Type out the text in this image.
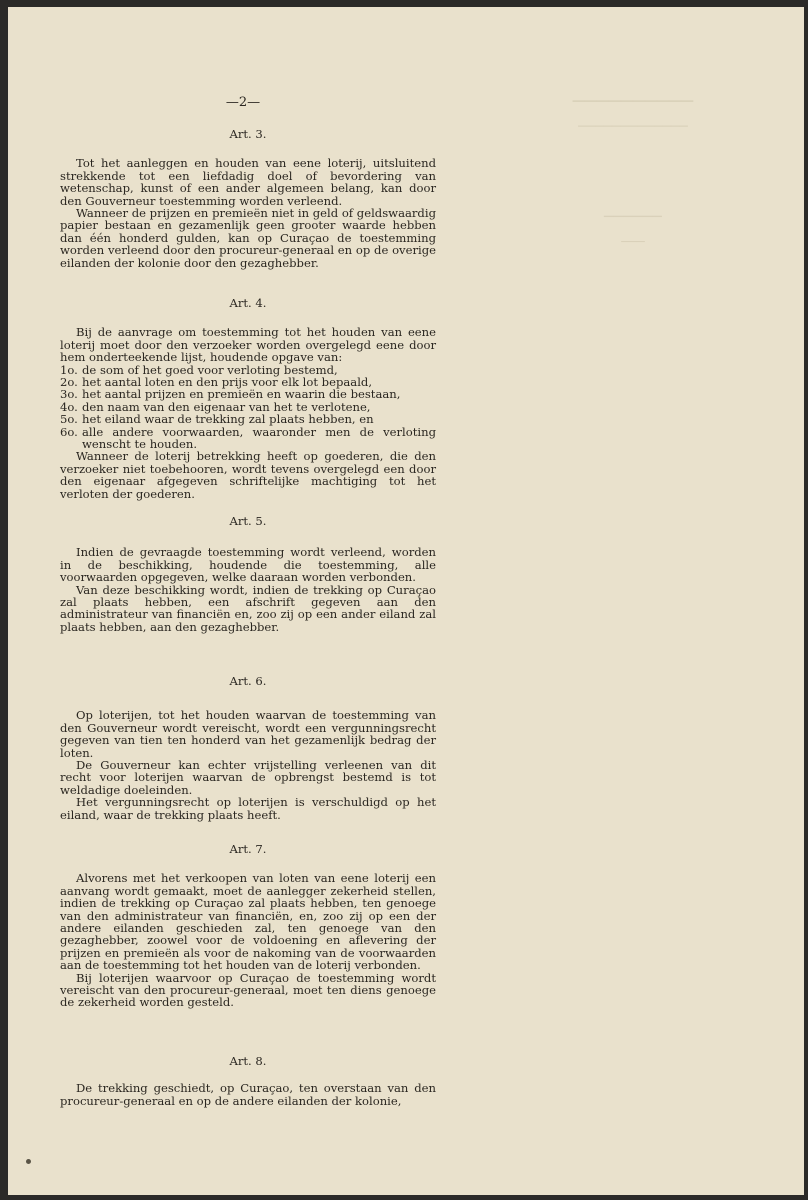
──────────
─────────────
──────
───
—2—

Art. 3.

Tot het aanleggen en houden van eene loterij, uitsluitend strekkende tot een liefdadig doel of bevordering van wetenschap, kunst of een ander algemeen belang, kan door den Gouverneur toestemming worden verleend.

Wanneer de prijzen en premieën niet in geld of geldswaardig papier bestaan en gezamenlijk geen grooter waarde hebben dan één honderd gulden, kan op Curaçao de toestemming worden verleend door den procureur-generaal en op de overige eilanden der kolonie door den gezaghebber.

Art. 4.

Bij de aanvrage om toestemming tot het houden van eene loterij moet door den verzoeker worden overgelegd eene door hem onderteekende lijst, houdende opgave van:

1o. de som of het goed voor verloting bestemd,
2o. het aantal loten en den prijs voor elk lot bepaald,
3o. het aantal prijzen en premieën en waarin die bestaan,
4o. den naam van den eigenaar van het te verlotene,
5o. het eiland waar de trekking zal plaats hebben, en
6o. alle andere voorwaarden, waaronder men de verloting wenscht te houden.

Wanneer de loterij betrekking heeft op goederen, die den verzoeker niet toebehooren, wordt tevens overgelegd een door den eigenaar afgegeven schriftelijke machtiging tot het verloten der goederen.

Art. 5.

Indien de gevraagde toestemming wordt verleend, worden in de beschikking, houdende die toestemming, alle voorwaarden opgegeven, welke daaraan worden verbonden.

Van deze beschikking wordt, indien de trekking op Curaçao zal plaats hebben, een afschrift gegeven aan den administrateur van financiën en, zoo zij op een ander eiland zal plaats hebben, aan den gezaghebber.

Art. 6.

Op loterijen, tot het houden waarvan de toestemming van den Gouverneur wordt vereischt, wordt een vergunningsrecht gegeven van tien ten honderd van het gezamenlijk bedrag der loten.

De Gouverneur kan echter vrijstelling verleenen van dit recht voor loterijen waarvan de opbrengst bestemd is tot weldadige doeleinden.

Het vergunningsrecht op loterijen is verschuldigd op het eiland, waar de trekking plaats heeft.

Art. 7.

Alvorens met het verkoopen van loten van eene loterij een aanvang wordt gemaakt, moet de aanlegger zekerheid stellen, indien de trekking op Curaçao zal plaats hebben, ten genoege van den administrateur van financiën, en, zoo zij op een der andere eilanden geschieden zal, ten genoege van den gezaghebber, zoowel voor de voldoening en aflevering der prijzen en premieën als voor de nakoming van de voorwaarden aan de toestemming tot het houden van de loterij verbonden.

Bij loterijen waarvoor op Curaçao de toestemming wordt vereischt van den procureur-generaal, moet ten diens genoege de zekerheid worden gesteld.

Art. 8.

De trekking geschiedt, op Curaçao, ten overstaan van den procureur-generaal en op de andere eilanden der kolonie,
